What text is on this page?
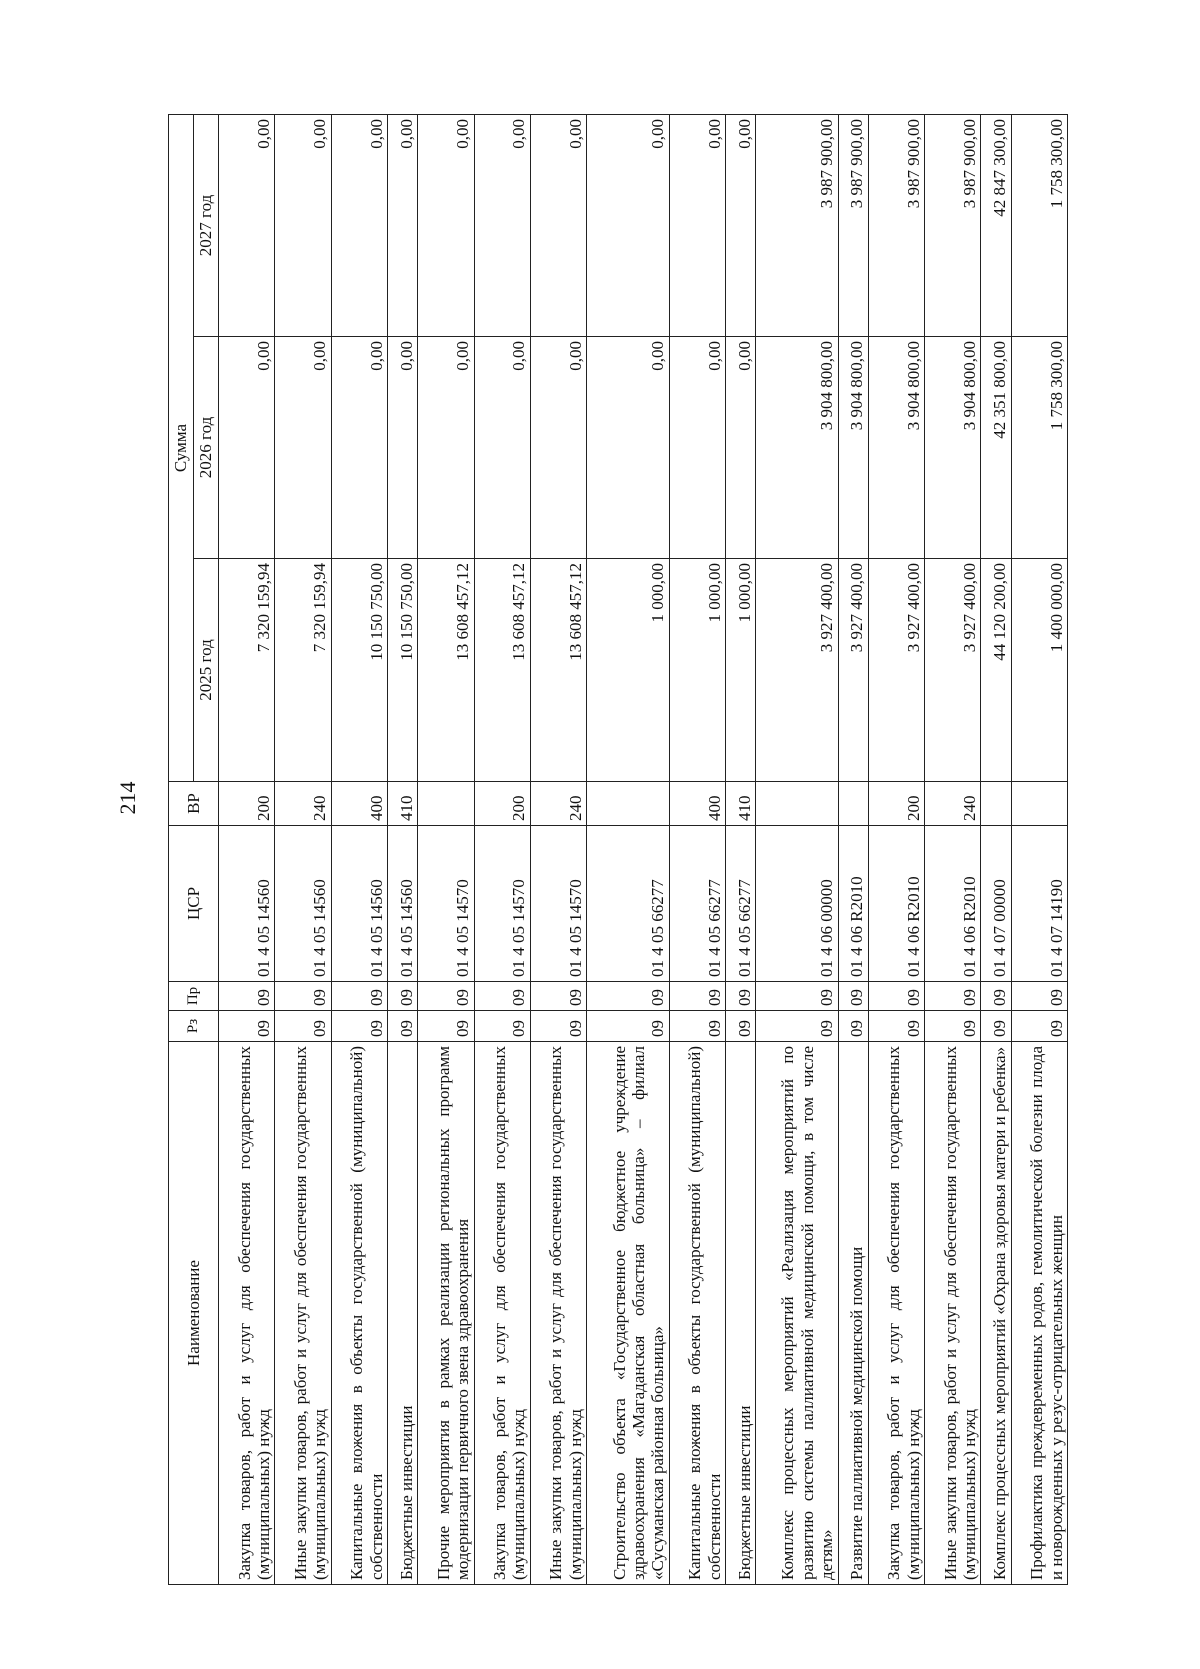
214
Наименование	Рз	Пр	ЦСР	ВР	Сумма		
					2025 год	2026 год	2027 год
Закупка товаров, работ и услуг для обеспечения государственных (муниципальных) нужд	09	09	01 4 05 14560	200	7 320 159,94	0,00	0,00
Иные закупки товаров, работ и услуг для обеспечения государственных (муниципальных) нужд	09	09	01 4 05 14560	240	7 320 159,94	0,00	0,00
Капитальные вложения в объекты государственной (муниципальной) собственности	09	09	01 4 05 14560	400	10 150 750,00	0,00	0,00
Бюджетные инвестиции	09	09	01 4 05 14560	410	10 150 750,00	0,00	0,00
Прочие мероприятия в рамках реализации региональных программ модернизации первичного звена здравоохранения	09	09	01 4 05 14570		13 608 457,12	0,00	0,00
Закупка товаров, работ и услуг для обеспечения государственных (муниципальных) нужд	09	09	01 4 05 14570	200	13 608 457,12	0,00	0,00
Иные закупки товаров, работ и услуг для обеспечения государственных (муниципальных) нужд	09	09	01 4 05 14570	240	13 608 457,12	0,00	0,00
Строительство объекта «Государственное бюджетное учреждение здравоохранения «Магаданская областная больница» – филиал «Сусуманская районная больница»	09	09	01 4 05 66277		1 000,00	0,00	0,00
Капитальные вложения в объекты государственной (муниципальной) собственности	09	09	01 4 05 66277	400	1 000,00	0,00	0,00
Бюджетные инвестиции	09	09	01 4 05 66277	410	1 000,00	0,00	0,00
Комплекс процессных мероприятий «Реализация мероприятий по развитию системы паллиативной медицинской помощи, в том числе детям»	09	09	01 4 06 00000		3 927 400,00	3 904 800,00	3 987 900,00
Развитие паллиативной медицинской помощи	09	09	01 4 06 R2010		3 927 400,00	3 904 800,00	3 987 900,00
Закупка товаров, работ и услуг для обеспечения государственных (муниципальных) нужд	09	09	01 4 06 R2010	200	3 927 400,00	3 904 800,00	3 987 900,00
Иные закупки товаров, работ и услуг для обеспечения государственных (муниципальных) нужд	09	09	01 4 06 R2010	240	3 927 400,00	3 904 800,00	3 987 900,00
Комплекс процессных мероприятий «Охрана здоровья матери и ребенка»	09	09	01 4 07 00000		44 120 200,00	42 351 800,00	42 847 300,00
Профилактика преждевременных родов, гемолитической болезни плода и новорожденных у резус-отрицательных женщин	09	09	01 4 07 14190		1 400 000,00	1 758 300,00	1 758 300,00
